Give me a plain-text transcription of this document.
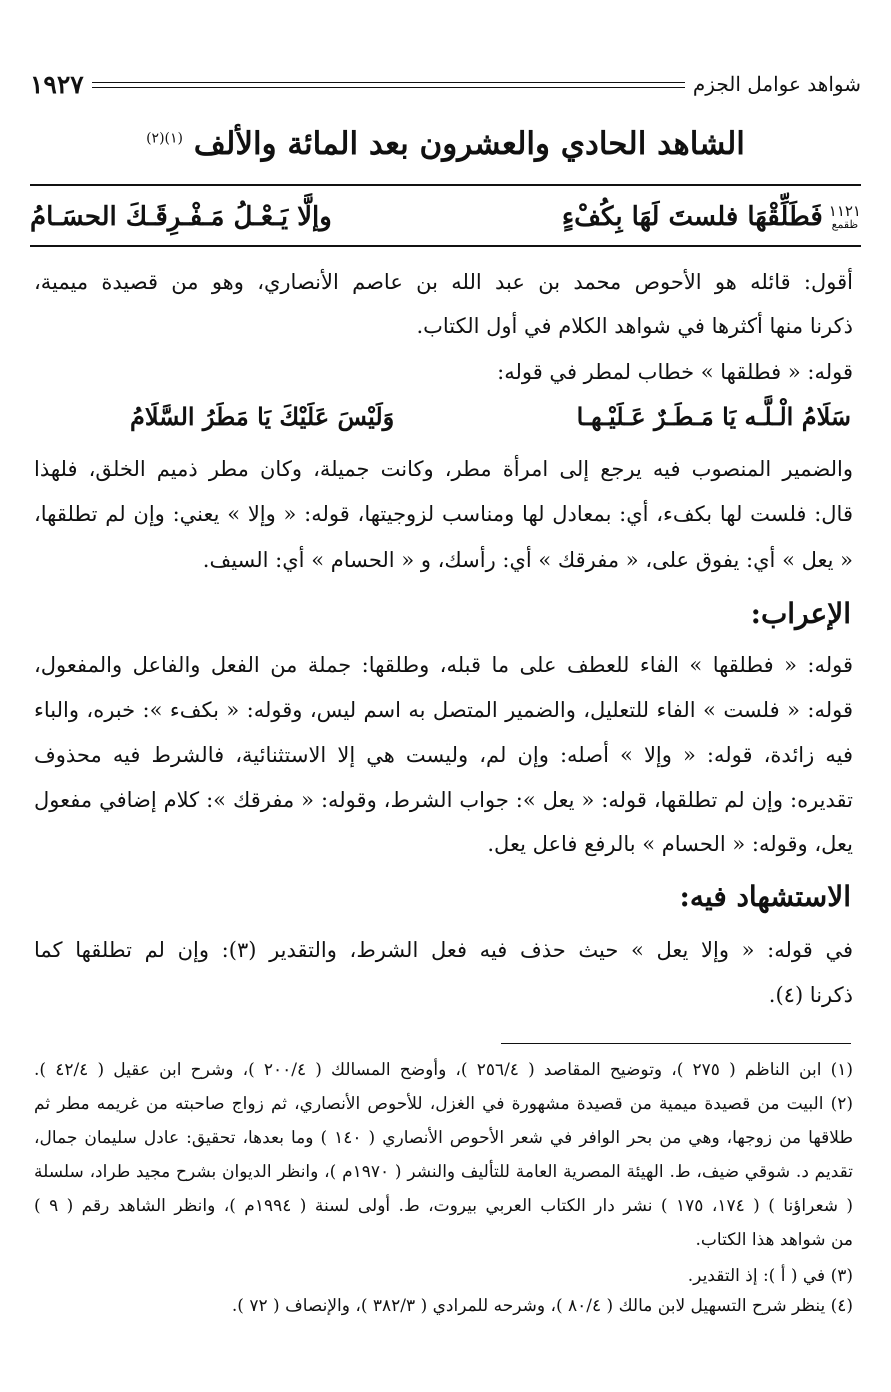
شواهد عوامل الجزم
١٩٢٧
الشاهد الحادي والعشرون بعد المائة والألف $^{(١)(٢)}$
١١٢١
ظقمع
فَطَلِّقْهَا فلستَ لَهَا بِكُفْءٍ
وإلَّا يَـعْـلُ مَـفْـرِقَـكَ الحسَـامُ
أقول: قائله هو الأحوص محمد بن عبد الله بن عاصم الأنصاري، وهو من قصيدة ميمية،
ذكرنا منها أكثرها في شواهد الكلام في أول الكتاب.
قوله: « فطلقها » خطاب لمطر في قوله:
سَلَامُ الْـلَّـه يَا مَـطَـرٌ عَـلَيْـهـا
وَلَيْسَ عَلَيْكَ يَا مَطَرُ السَّلَامُ
والضمير المنصوب فيه يرجع إلى امرأة مطر، وكانت جميلة، وكان مطر ذميم الخلق، فلهذا
قال: فلست لها بكفء، أي: بمعادل لها ومناسب لزوجيتها، قوله: « وإلا » يعني: وإن لم تطلقها،
« يعل » أي: يفوق على، « مفرقك » أي: رأسك، و « الحسام » أي: السيف.
الإعراب:
قوله: « فطلقها » الفاء للعطف على ما قبله، وطلقها: جملة من الفعل والفاعل والمفعول،
قوله: « فلست » الفاء للتعليل، والضمير المتصل به اسم ليس، وقوله: « بكفء »: خبره، والباء
فيه زائدة، قوله: « وإلا » أصله: وإن لم، وليست هي إلا الاستثنائية، فالشرط فيه محذوف
تقديره: وإن لم تطلقها، قوله: « يعل »: جواب الشرط، وقوله: « مفرقك »: كلام إضافي مفعول
يعل، وقوله: « الحسام » بالرفع فاعل يعل.
الاستشهاد فيه:
في قوله: « وإلا يعل » حيث حذف فيه فعل الشرط، والتقدير (٣): وإن لم تطلقها كما
ذكرنا (٤).
(١) ابن الناظم ( ٢٧٥ )، وتوضيح المقاصد ( ٢٥٦/٤ )، وأوضح المسالك ( ٢٠٠/٤ )، وشرح ابن عقيل ( ٤٢/٤ ).
(٢) البيت من قصيدة ميمية من قصيدة مشهورة في الغزل، للأحوص الأنصاري، ثم زواج صاحبته من غريمه مطر ثم
طلاقها من زوجها، وهي من بحر الوافر في شعر الأحوص الأنصاري ( ١٤٠ ) وما بعدها، تحقيق: عادل سليمان جمال،
تقديم د. شوقي ضيف، ط. الهيئة المصرية العامة للتأليف والنشر ( ١٩٧٠م )، وانظر الديوان بشرح مجيد طراد، سلسلة
( شعراؤنا ) ( ١٧٤، ١٧٥ ) نشر دار الكتاب العربي بيروت، ط. أولى لسنة ( ١٩٩٤م )، وانظر الشاهد رقم ( ٩ )
من شواهد هذا الكتاب.
(٣) في ( أ ): إذ التقدير.
(٤) ينظر شرح التسهيل لابن مالك ( ٨٠/٤ )، وشرحه للمرادي ( ٣٨٢/٣ )، والإنصاف ( ٧٢ ).
